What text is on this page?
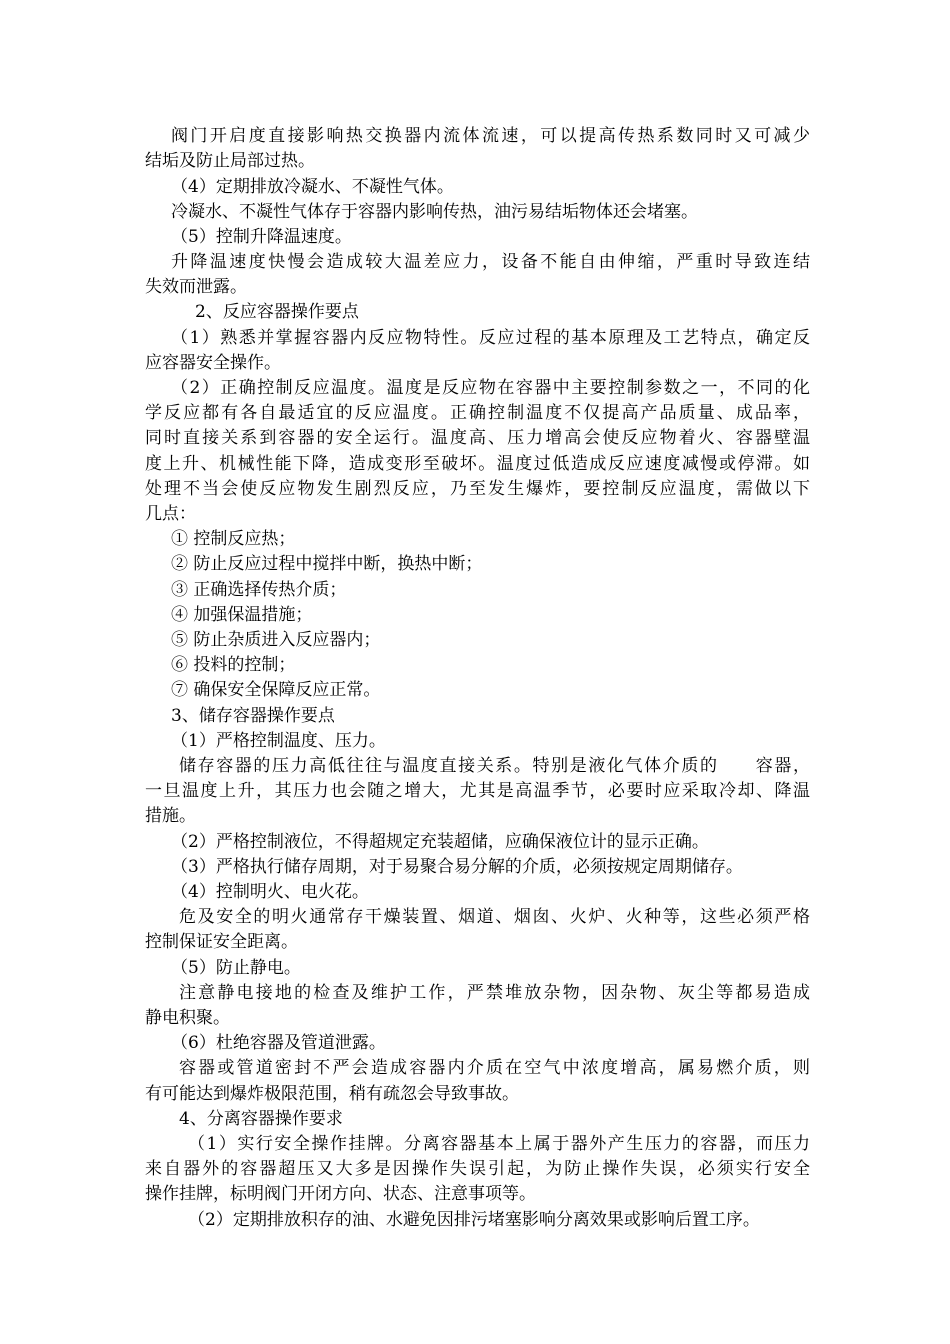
阀门开启度直接影响热交换器内流体流速，可以提高传热系数同时又可减少
结垢及防止局部过热。
（4）定期排放冷凝水、不凝性气体。
冷凝水、不凝性气体存于容器内影响传热，油污易结垢物体还会堵塞。
（5）控制升降温速度。
升降温速度快慢会造成较大温差应力，设备不能自由伸缩，严重时导致连结
失效而泄露。
2、反应容器操作要点
（1）熟悉并掌握容器内反应物特性。反应过程的基本原理及工艺特点，确定反
应容器安全操作。
（2）正确控制反应温度。温度是反应物在容器中主要控制参数之一，不同的化
学反应都有各自最适宜的反应温度。正确控制温度不仅提高产品质量、成品率，
同时直接关系到容器的安全运行。温度高、压力增高会使反应物着火、容器壁温
度上升、机械性能下降，造成变形至破坏。温度过低造成反应速度减慢或停滞。如
处理不当会使反应物发生剧烈反应，乃至发生爆炸，要控制反应温度，需做以下
几点：
① 控制反应热；
② 防止反应过程中搅拌中断，换热中断；
③ 正确选择传热介质；
④ 加强保温措施；
⑤ 防止杂质进入反应器内；
⑥ 投料的控制；
⑦ 确保安全保障反应正常。
3、储存容器操作要点
（1）严格控制温度、压力。
储存容器的压力高低往往与温度直接关系。特别是液化气体介质的　　容器，
一旦温度上升，其压力也会随之增大，尤其是高温季节，必要时应采取冷却、降温
措施。
（2）严格控制液位，不得超规定充装超储，应确保液位计的显示正确。
（3）严格执行储存周期，对于易聚合易分解的介质，必须按规定周期储存。
（4）控制明火、电火花。
危及安全的明火通常存干燥装置、烟道、烟囱、火炉、火种等，这些必须严格
控制保证安全距离。
（5）防止静电。
注意静电接地的检查及维护工作，严禁堆放杂物，因杂物、灰尘等都易造成
静电积聚。
（6）杜绝容器及管道泄露。
容器或管道密封不严会造成容器内介质在空气中浓度增高，属易燃介质，则
有可能达到爆炸极限范围，稍有疏忽会导致事故。
4、分离容器操作要求
（1）实行安全操作挂牌。分离容器基本上属于器外产生压力的容器，而压力
来自器外的容器超压又大多是因操作失误引起，为防止操作失误，必须实行安全
操作挂牌，标明阀门开闭方向、状态、注意事项等。
（2）定期排放积存的油、水避免因排污堵塞影响分离效果或影响后置工序。
